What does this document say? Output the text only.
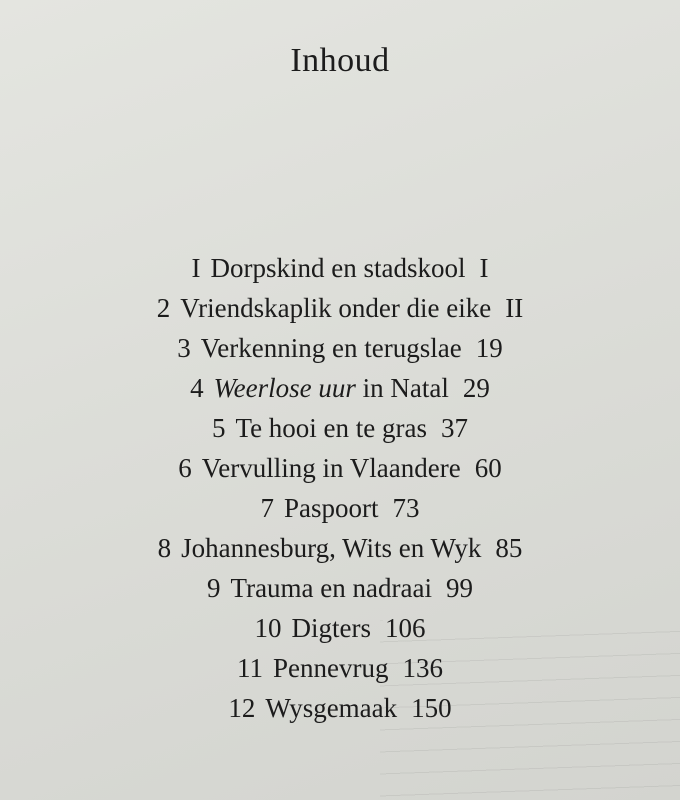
Inhoud
I Dorpskind en stadskool I
2 Vriendskaplik onder die eike II
3 Verkenning en terugslae 19
4 Weerlose uur in Natal 29
5 Te hooi en te gras 37
6 Vervulling in Vlaandere 60
7 Paspoort 73
8 Johannesburg, Wits en Wyk 85
9 Trauma en nadraai 99
10 Digters 106
11 Pennevrug 136
12 Wysgemaak 150
